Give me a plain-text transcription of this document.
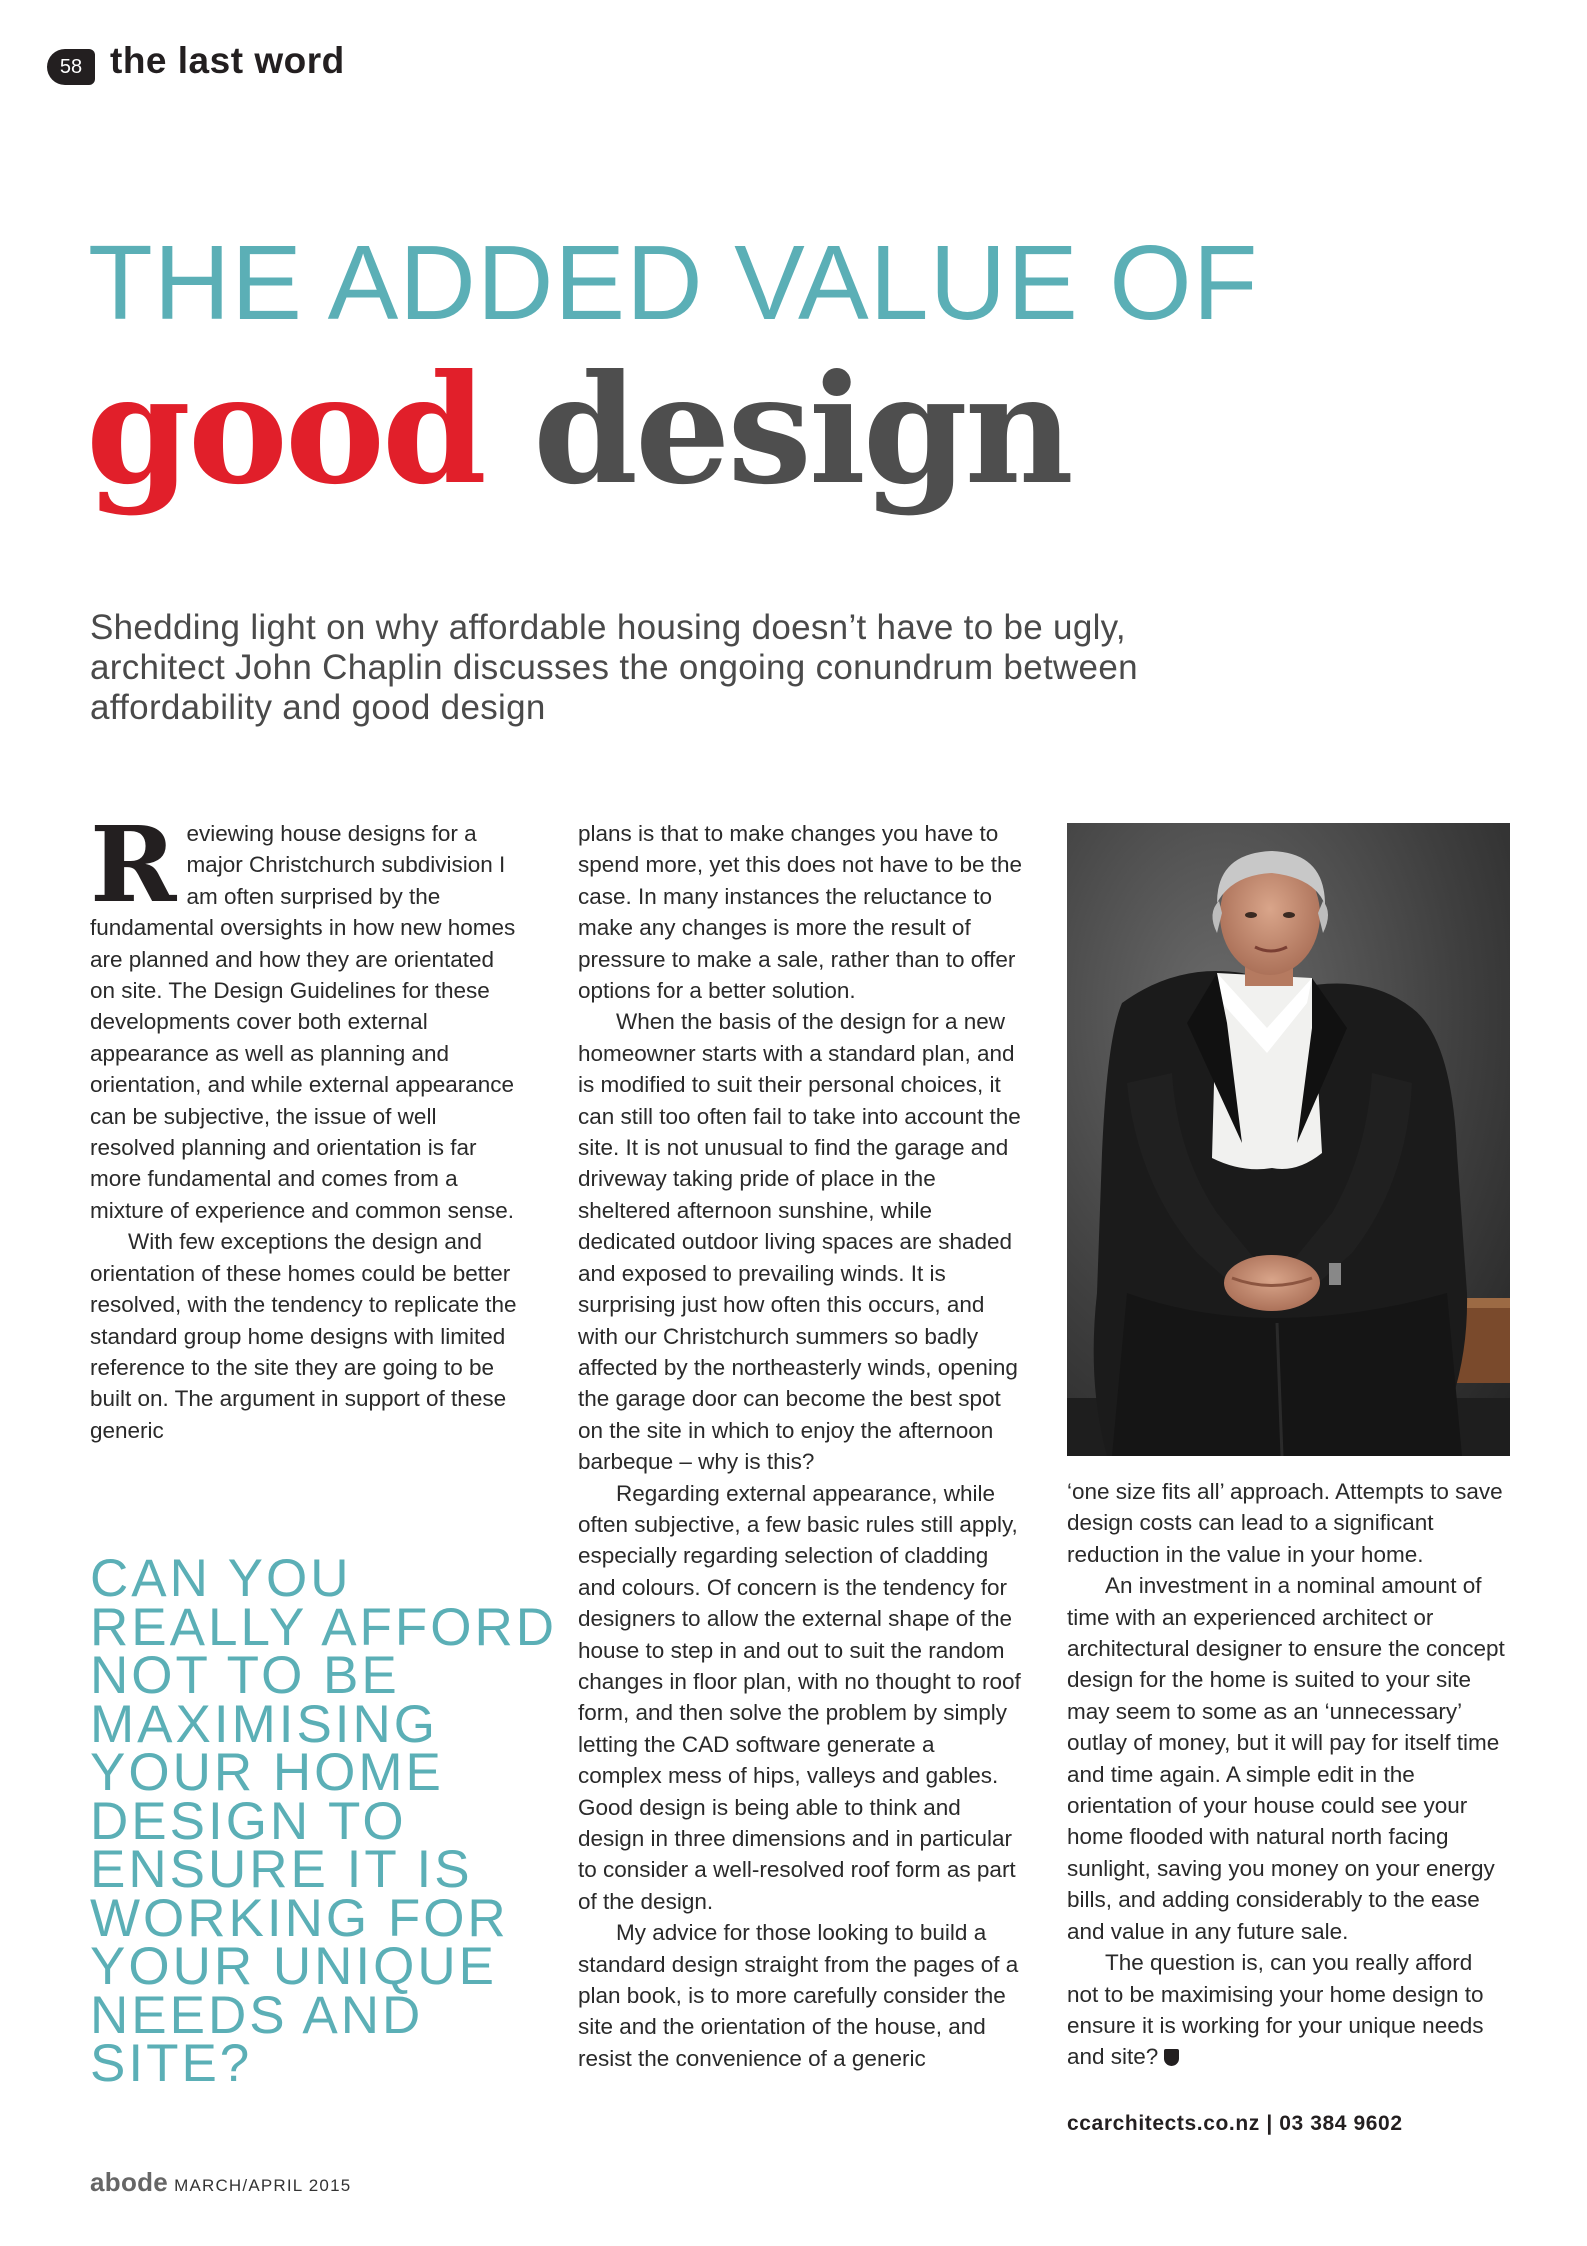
58 the last word
THE ADDED VALUE OF
good design
Shedding light on why affordable housing doesn’t have to be ugly, architect John Chaplin discusses the ongoing conundrum between affordability and good design

Reviewing house designs for a major Christchurch subdivision I am often surprised by the fundamental oversights in how new homes are planned and how they are orientated on site. The Design Guidelines for these developments cover both external appearance as well as planning and orientation, and while external appearance can be subjective, the issue of well resolved planning and orientation is far more fundamental and comes from a mixture of experience and common sense.

With few exceptions the design and orientation of these homes could be better resolved, with the tendency to replicate the standard group home designs with limited reference to the site they are going to be built on. The argument in support of these generic

CAN YOU REALLY AFFORD NOT TO BE MAXIMISING YOUR HOME DESIGN TO ENSURE IT IS WORKING FOR YOUR UNIQUE NEEDS AND SITE?

plans is that to make changes you have to spend more, yet this does not have to be the case. In many instances the reluctance to make any changes is more the result of pressure to make a sale, rather than to offer options for a better solution.

When the basis of the design for a new homeowner starts with a standard plan, and is modified to suit their personal choices, it can still too often fail to take into account the site. It is not unusual to find the garage and driveway taking pride of place in the sheltered afternoon sunshine, while dedicated outdoor living spaces are shaded and exposed to prevailing winds. It is surprising just how often this occurs, and with our Christchurch summers so badly affected by the northeasterly winds, opening the garage door can become the best spot on the site in which to enjoy the afternoon barbeque – why is this?

Regarding external appearance, while often subjective, a few basic rules still apply, especially regarding selection of cladding and colours. Of concern is the tendency for designers to allow the external shape of the house to step in and out to suit the random changes in floor plan, with no thought to roof form, and then solve the problem by simply letting the CAD software generate a complex mess of hips, valleys and gables. Good design is being able to think and design in three dimensions and in particular to consider a well-resolved roof form as part of the design.

My advice for those looking to build a standard design straight from the pages of a plan book, is to more carefully consider the site and the orientation of the house, and resist the convenience of a generic

‘one size fits all’ approach. Attempts to save design costs can lead to a significant reduction in the value in your home.

An investment in a nominal amount of time with an experienced architect or architectural designer to ensure the concept design for the home is suited to your site may seem to some as an ‘unnecessary’ outlay of money, but it will pay for itself time and time again. A simple edit in the orientation of your house could see your home flooded with natural north facing sunlight, saving you money on your energy bills, and adding considerably to the ease and value in any future sale.

The question is, can you really afford not to be maximising your home design to ensure it is working for your unique needs and site?

ccarchitects.co.nz | 03 384 9602
abode MARCH/APRIL 2015
